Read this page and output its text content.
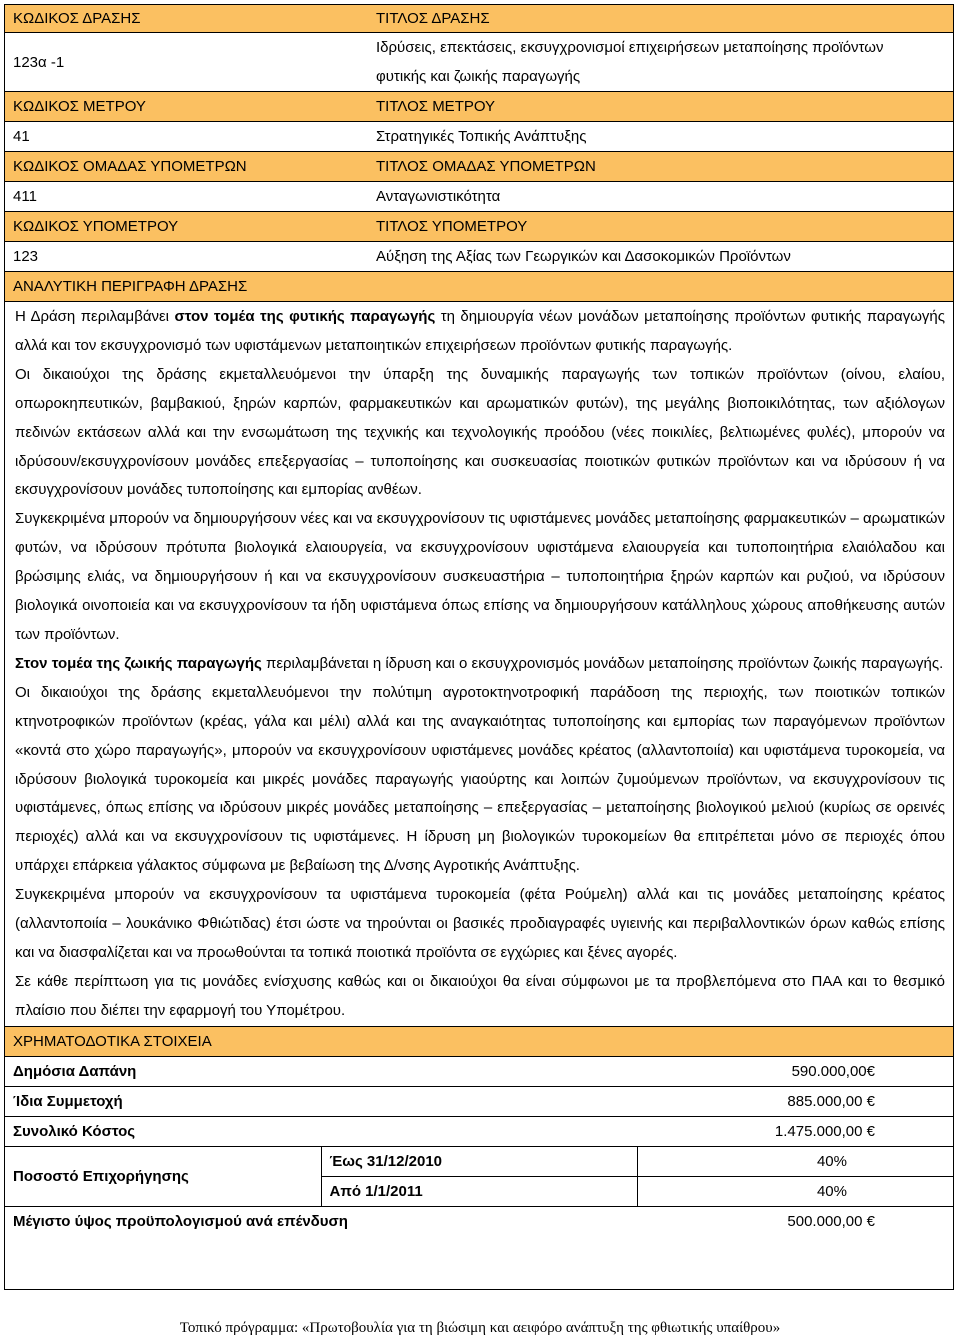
ΚΩΔΙΚΟΣ ΔΡΑΣΗΣ	ΤΙΤΛΟΣ ΔΡΑΣΗΣ
123α -1	Ιδρύσεις, επεκτάσεις, εκσυγχρονισμοί επιχειρήσεων μεταποίησης προϊόντων
φυτικής και ζωικής παραγωγής

ΚΩΔΙΚΟΣ ΜΕΤΡΟΥ	ΤΙΤΛΟΣ ΜΕΤΡΟΥ
41	Στρατηγικές Τοπικής Ανάπτυξης
ΚΩΔΙΚΟΣ ΟΜΑΔΑΣ ΥΠΟΜΕΤΡΩΝ	ΤΙΤΛΟΣ ΟΜΑΔΑΣ ΥΠΟΜΕΤΡΩΝ
411	Ανταγωνιστικότητα
ΚΩΔΙΚΟΣ ΥΠΟΜΕΤΡΟΥ	ΤΙΤΛΟΣ ΥΠΟΜΕΤΡΟΥ
123	Αύξηση της Αξίας των Γεωργικών και Δασοκομικών Προϊόντων
ΑΝΑΛΥΤΙΚΗ ΠΕΡΙΓΡΑΦΗ ΔΡΑΣΗΣ

Η Δράση περιλαμβάνει στον τομέα της φυτικής παραγωγής τη δημιουργία νέων μονάδων μεταποίησης προϊόντων φυτικής παραγωγής αλλά και τον εκσυγχρονισμό των υφιστάμενων μεταποιητικών επιχειρήσεων προϊόντων φυτικής παραγωγής.

Οι δικαιούχοι της δράσης εκμεταλλευόμενοι την ύπαρξη της δυναμικής παραγωγής των τοπικών προϊόντων (οίνου, ελαίου, οπωροκηπευτικών, βαμβακιού, ξηρών καρπών, φαρμακευτικών και αρωματικών φυτών), της μεγάλης βιοποικιλότητας, των αξιόλογων πεδινών εκτάσεων αλλά και την ενσωμάτωση της τεχνικής και τεχνολογικής προόδου (νέες ποικιλίες, βελτιωμένες φυλές), μπορούν να ιδρύσουν/εκσυγχρονίσουν μονάδες επεξεργασίας – τυποποίησης και συσκευασίας ποιοτικών φυτικών προϊόντων και να ιδρύσουν ή να εκσυγχρονίσουν μονάδες τυποποίησης και εμπορίας ανθέων.

Συγκεκριμένα μπορούν να δημιουργήσουν νέες και να εκσυγχρονίσουν τις υφιστάμενες μονάδες μεταποίησης φαρμακευτικών – αρωματικών φυτών, να ιδρύσουν πρότυπα βιολογικά ελαιουργεία, να εκσυγχρονίσουν υφιστάμενα ελαιουργεία και τυποποιητήρια ελαιόλαδου και βρώσιμης ελιάς, να δημιουργήσουν ή και να εκσυγχρονίσουν συσκευαστήρια – τυποποιητήρια ξηρών καρπών και ρυζιού, να ιδρύσουν βιολογικά οινοποιεία και να εκσυγχρονίσουν τα ήδη υφιστάμενα όπως επίσης να δημιουργήσουν κατάλληλους χώρους αποθήκευσης αυτών των προϊόντων.

Στον τομέα της ζωικής παραγωγής περιλαμβάνεται η ίδρυση και ο εκσυγχρονισμός μονάδων μεταποίησης προϊόντων ζωικής παραγωγής.

Οι δικαιούχοι της δράσης εκμεταλλευόμενοι την πολύτιμη αγροτοκτηνοτροφική παράδοση της περιοχής, των ποιοτικών τοπικών κτηνοτροφικών προϊόντων (κρέας, γάλα και μέλι) αλλά και της αναγκαιότητας τυποποίησης και εμπορίας των παραγόμενων προϊόντων «κοντά στο χώρο παραγωγής», μπορούν να εκσυγχρονίσουν υφιστάμενες μονάδες κρέατος (αλλαντοποιία) και υφιστάμενα τυροκομεία, να ιδρύσουν βιολογικά τυροκομεία και μικρές μονάδες παραγωγής γιαούρτης και λοιπών ζυμούμενων προϊόντων, να εκσυγχρονίσουν τις υφιστάμενες, όπως επίσης να ιδρύσουν μικρές μονάδες μεταποίησης – επεξεργασίας – μεταποίησης βιολογικού μελιού (κυρίως σε ορεινές περιοχές) αλλά και να εκσυγχρονίσουν τις υφιστάμενες. Η ίδρυση μη βιολογικών τυροκομείων θα επιτρέπεται μόνο σε περιοχές όπου υπάρχει επάρκεια γάλακτος σύμφωνα με βεβαίωση της Δ/νσης Αγροτικής Ανάπτυξης.

Συγκεκριμένα μπορούν να εκσυγχρονίσουν τα υφιστάμενα τυροκομεία (φέτα Ρούμελη) αλλά και τις μονάδες μεταποίησης κρέατος (αλλαντοποιία – λουκάνικο Φθιώτιδας) έτσι ώστε να τηρούνται οι βασικές προδιαγραφές υγιεινής και περιβαλλοντικών όρων καθώς επίσης και να διασφαλίζεται και να προωθούνται τα τοπικά ποιοτικά προϊόντα σε εγχώριες και ξένες αγορές.

Σε κάθε περίπτωση για τις μονάδες ενίσχυσης καθώς και οι δικαιούχοι θα είναι σύμφωνοι με τα προβλεπόμενα στο ΠΑΑ και το θεσμικό πλαίσιο που διέπει την εφαρμογή του Υπομέτρου.

ΧΡΗΜΑΤΟΔΟΤΙΚΑ ΣΤΟΙΧΕΙΑ
Δημόσια Δαπάνη		590.000,00€
Ίδια Συμμετοχή		885.000,00 €
Συνολικό Κόστος		1.475.000,00 €
Ποσοστό Επιχορήγησης	Έως 31/12/2010	40%
	Από 1/1/2011	40%
Μέγιστο ύψος προϋπολογισμού ανά επένδυση		500.000,00 €
Τοπικό πρόγραμμα: «Πρωτοβουλία για τη βιώσιμη και αειφόρο ανάπτυξη της φθιωτικής υπαίθρου»
